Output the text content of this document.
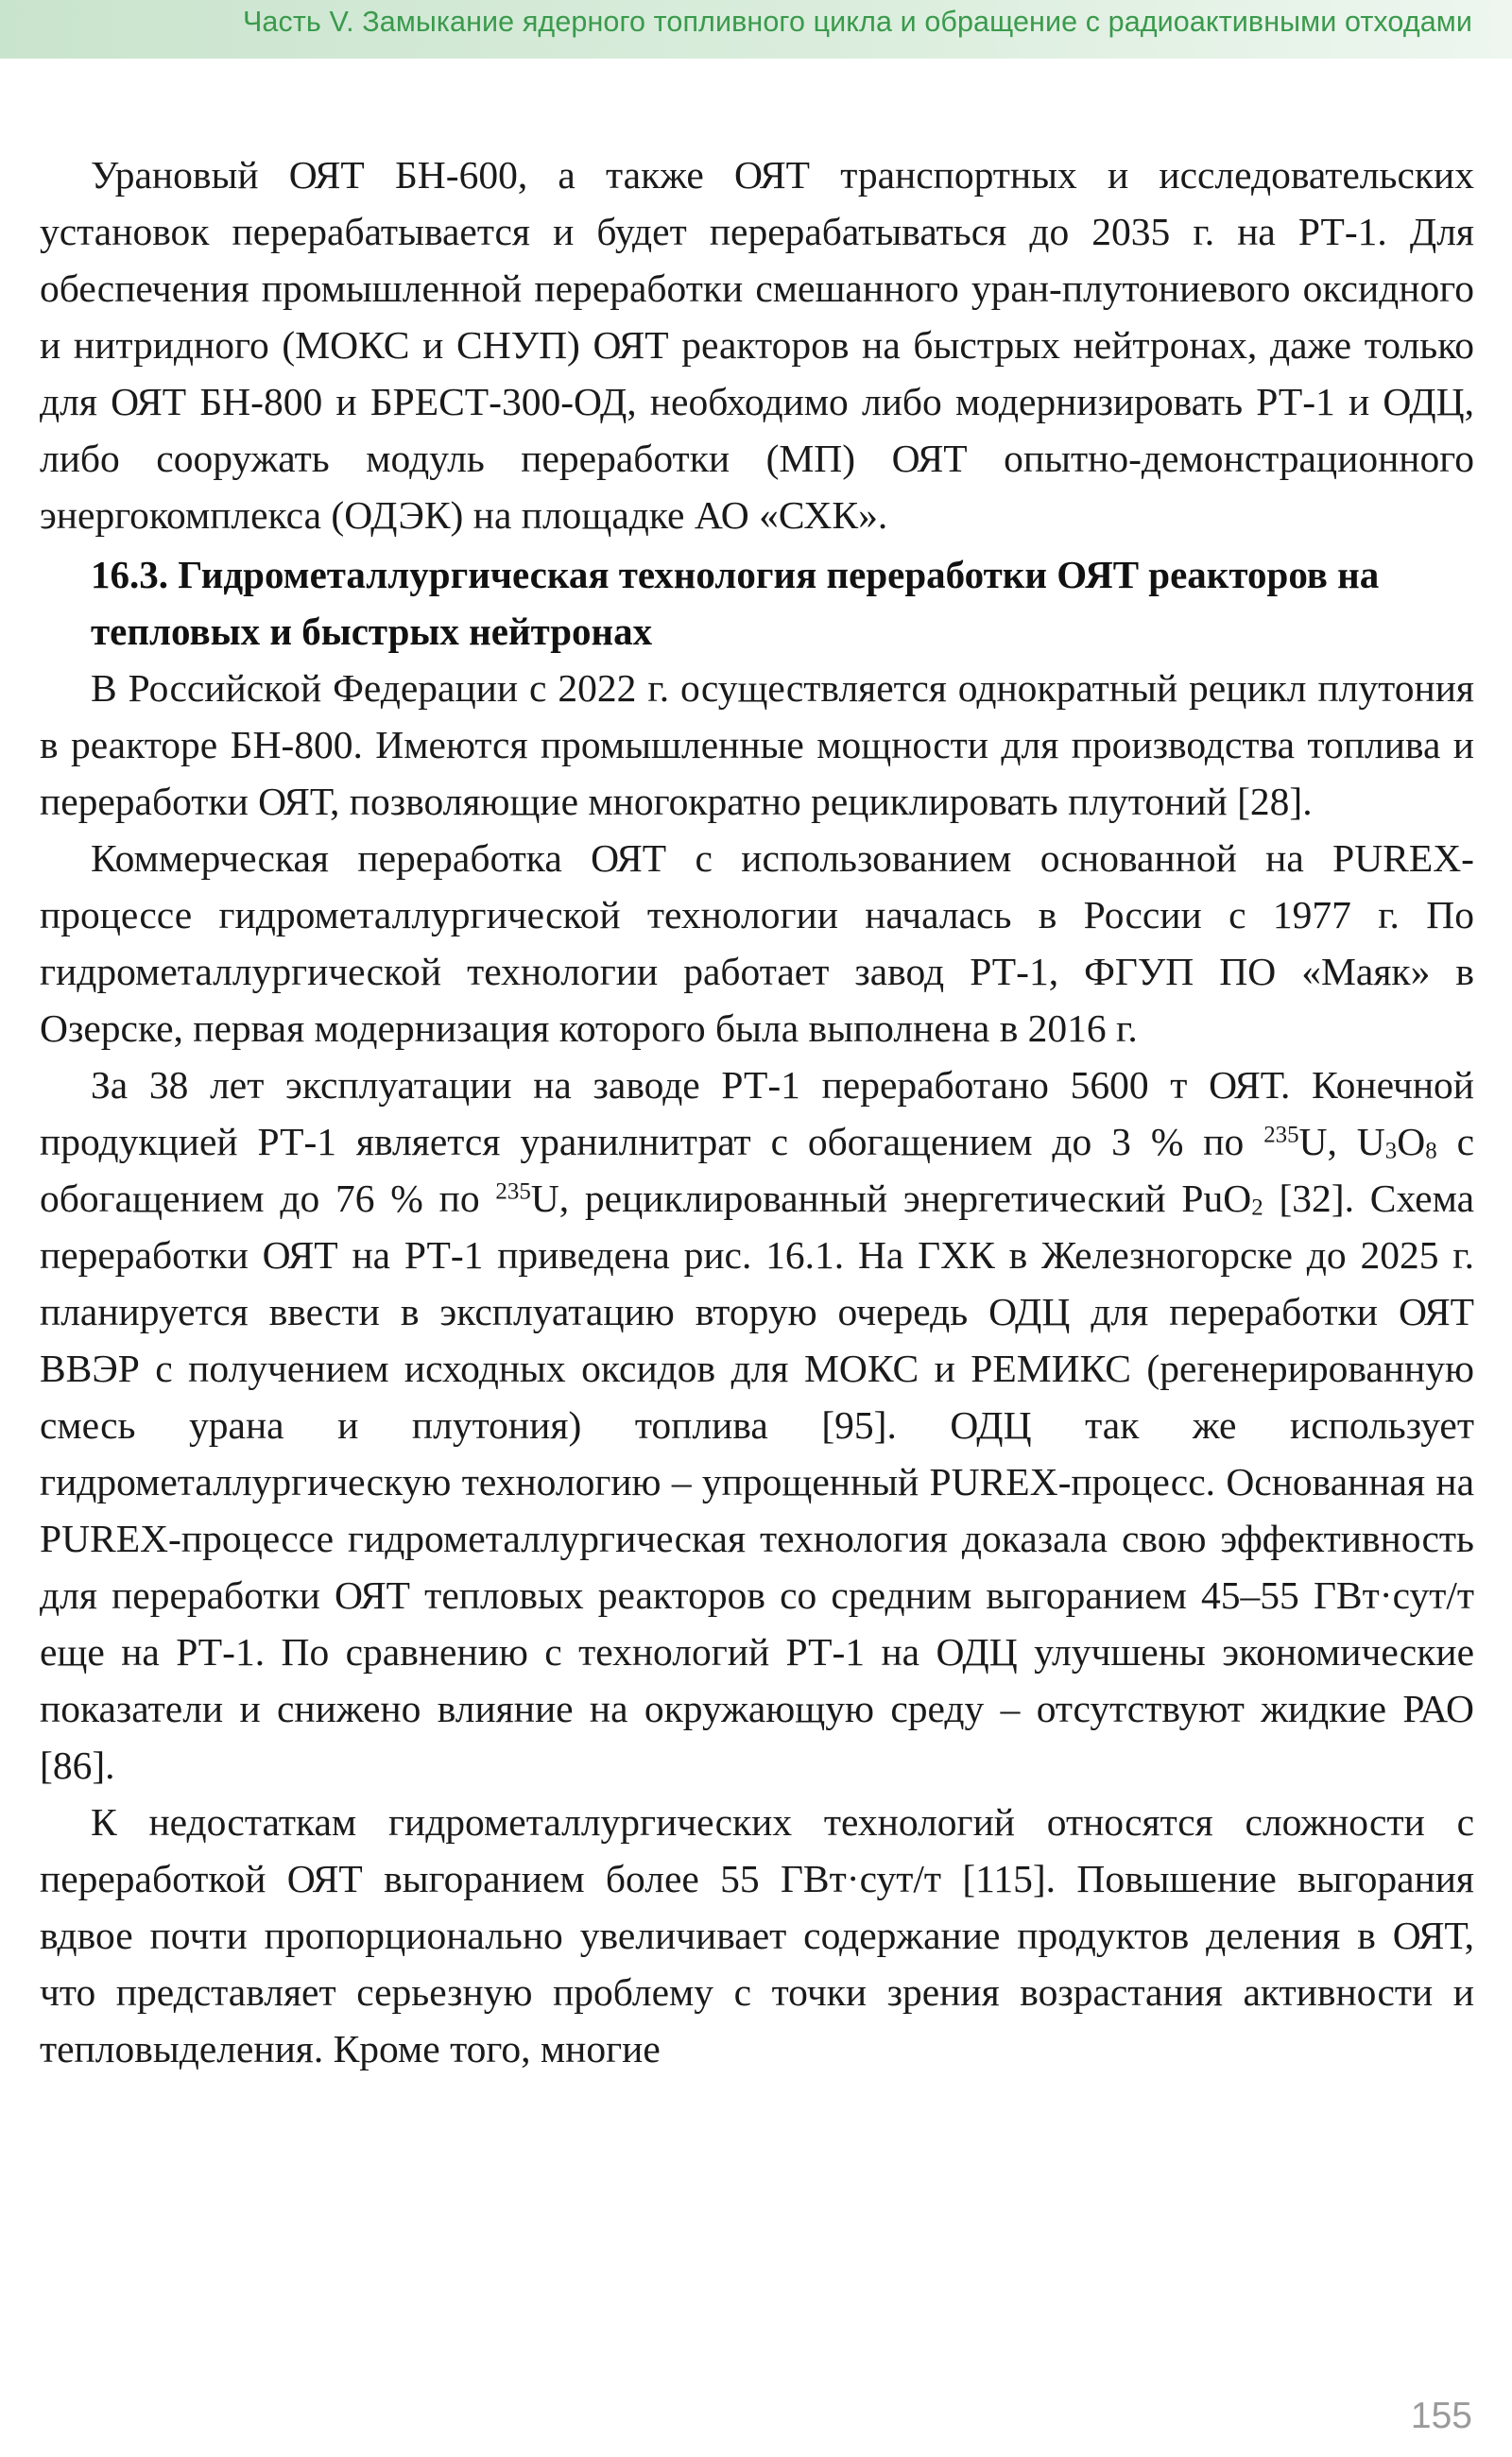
Часть V. Замыкание ядерного топливного цикла и обращение с радиоактивными отходами

Урановый ОЯТ БН-600, а также ОЯТ транспортных и исследовательских установок перерабатывается и будет перерабатываться до 2035 г. на РТ-1. Для обеспечения промышленной переработки смешанного уран-плутониевого оксидного и нитридного (МОКС и СНУП) ОЯТ реакторов на быстрых нейтронах, даже только для ОЯТ БН-800 и БРЕСТ-300-ОД, необходимо либо модернизировать РТ-1 и ОДЦ, либо сооружать модуль переработки (МП) ОЯТ опытно-демонстрационного энергокомплекса (ОДЭК) на площадке АО «СХК».

16.3. Гидрометаллургическая технология переработки ОЯТ реакторов на тепловых и быстрых нейтронах

В Российской Федерации с 2022 г. осуществляется однократный рецикл плутония в реакторе БН-800. Имеются промышленные мощности для производства топлива и переработки ОЯТ, позволяющие многократно рециклировать плутоний [28].

Коммерческая переработка ОЯТ с использованием основанной на PUREX-процессе гидрометаллургической технологии началась в России с 1977 г. По гидрометаллургической технологии работает завод РТ-1, ФГУП ПО «Маяк» в Озерске, первая модернизация которого была выполнена в 2016 г.

За 38 лет эксплуатации на заводе РТ-1 переработано 5600 т ОЯТ. Конечной продукцией РТ-1 является уранилнитрат с обогащением до 3 % по $^{235}$U, $U_3O_8$ с обогащением до 76 % по $^{235}$U, рециклированный энергетический PuO$_2$ [32]. Схема переработки ОЯТ на РТ-1 приведена рис. 16.1. На ГХК в Железногорске до 2025 г. планируется ввести в эксплуатацию вторую очередь ОДЦ для переработки ОЯТ ВВЭР с получением исходных оксидов для МОКС и РЕМИКС (регенерированную смесь урана и плутония) топлива [95]. ОДЦ так же использует гидрометаллургическую технологию – упрощенный PUREX-процесс. Основанная на PUREX-процессе гидрометаллургическая технология доказала свою эффективность для переработки ОЯТ тепловых реакторов со средним выгоранием 45–55 ГВт·сут/т еще на РТ-1. По сравнению с технологий РТ-1 на ОДЦ улучшены экономические показатели и снижено влияние на окружающую среду – отсутствуют жидкие РАО [86].

К недостаткам гидрометаллургических технологий относятся сложности с переработкой ОЯТ выгоранием более 55 ГВт·сут/т [115]. Повышение выгорания вдвое почти пропорционально увеличивает содержание продуктов деления в ОЯТ, что представляет серьезную проблему с точки зрения возрастания активности и тепловыделения. Кроме того, многие

155
